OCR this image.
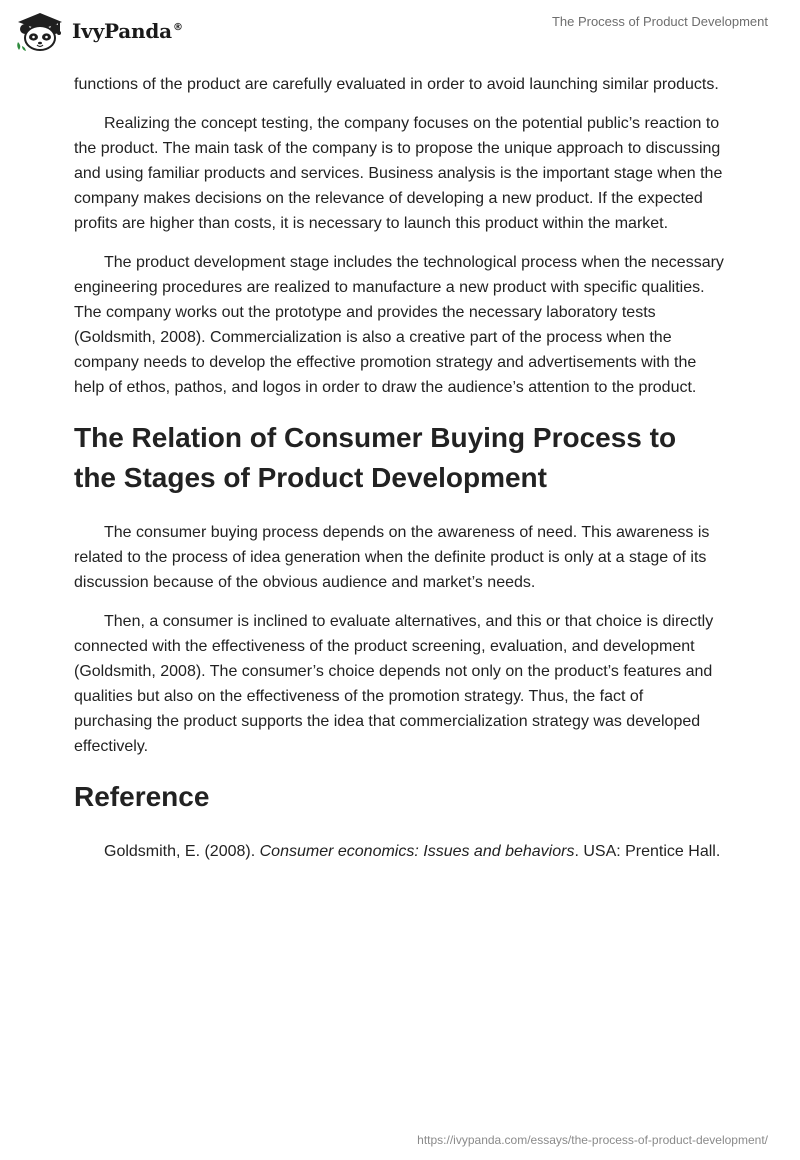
IvyPanda®	The Process of Product Development

functions of the product are carefully evaluated in order to avoid launching similar products.

Realizing the concept testing, the company focuses on the potential public’s reaction to the product. The main task of the company is to propose the unique approach to discussing and using familiar products and services. Business analysis is the important stage when the company makes decisions on the relevance of developing a new product. If the expected profits are higher than costs, it is necessary to launch this product within the market.

The product development stage includes the technological process when the necessary engineering procedures are realized to manufacture a new product with specific qualities. The company works out the prototype and provides the necessary laboratory tests (Goldsmith, 2008). Commercialization is also a creative part of the process when the company needs to develop the effective promotion strategy and advertisements with the help of ethos, pathos, and logos in order to draw the audience’s attention to the product.

The Relation of Consumer Buying Process to the Stages of Product Development

The consumer buying process depends on the awareness of need. This awareness is related to the process of idea generation when the definite product is only at a stage of its discussion because of the obvious audience and market’s needs.

Then, a consumer is inclined to evaluate alternatives, and this or that choice is directly connected with the effectiveness of the product screening, evaluation, and development (Goldsmith, 2008). The consumer’s choice depends not only on the product’s features and qualities but also on the effectiveness of the promotion strategy. Thus, the fact of purchasing the product supports the idea that commercialization strategy was developed effectively.

Reference

Goldsmith, E. (2008). Consumer economics: Issues and behaviors. USA: Prentice Hall.

https://ivypanda.com/essays/the-process-of-product-development/
